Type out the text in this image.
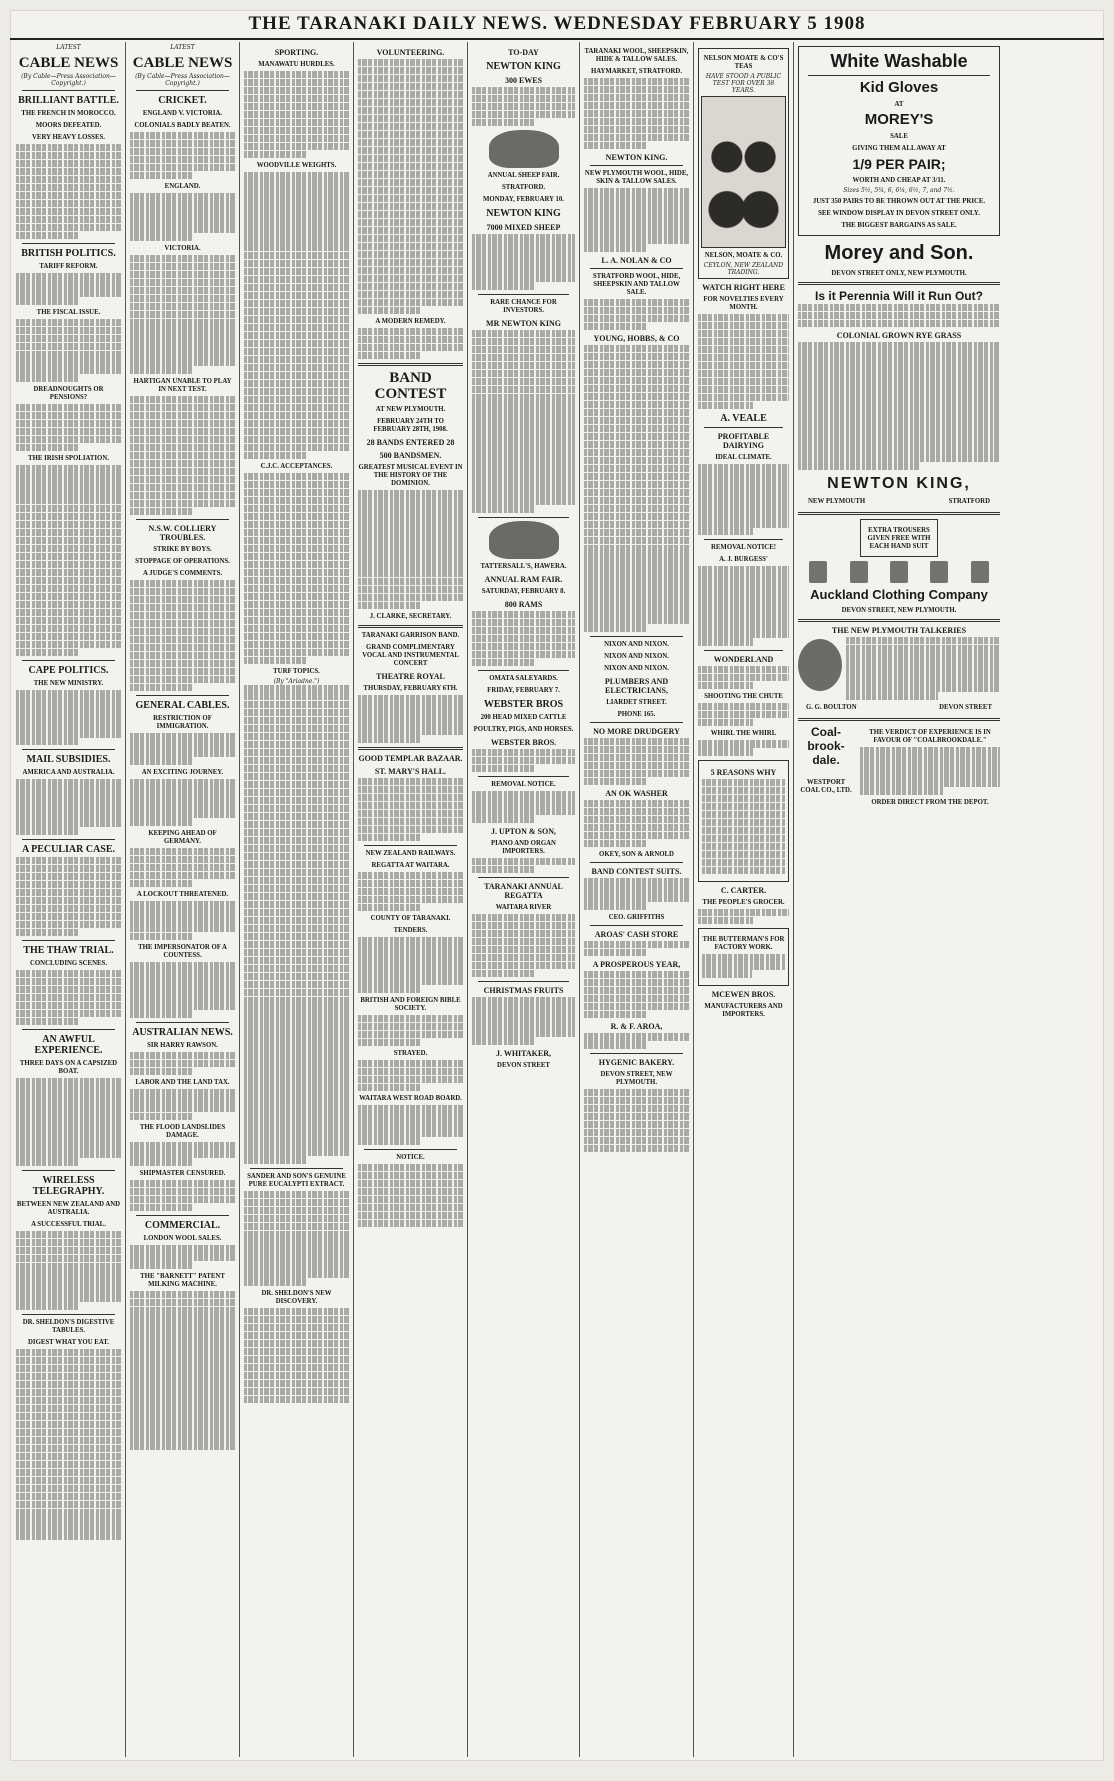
THE TARANAKI DAILY NEWS. WEDNESDAY FEBRUARY 5 1908
LATEST
CABLE NEWS
(By Cable—Press Association—Copyright.)
BRILLIANT BATTLE.
THE FRENCH IN MOROCCO.
MOORS DEFEATED.
VERY HEAVY LOSSES.
BRITISH POLITICS.
TARIFF REFORM.
THE FISCAL ISSUE.
DREADNOUGHTS OR PENSIONS?
THE IRISH SPOLIATION.
CAPE POLITICS.
THE NEW MINISTRY.
MAIL SUBSIDIES.
AMERICA AND AUSTRALIA.
A PECULIAR CASE.
THE THAW TRIAL.
CONCLUDING SCENES.
AN AWFUL EXPERIENCE.
THREE DAYS ON A CAPSIZED BOAT.
WIRELESS TELEGRAPHY.
BETWEEN NEW ZEALAND AND AUSTRALIA.
A SUCCESSFUL TRIAL.
DR. SHELDON'S DIGESTIVE TABULES.
DIGEST WHAT YOU EAT.
LATEST
CABLE NEWS
(By Cable—Press Association—Copyright.)
CRICKET.
ENGLAND V. VICTORIA.
COLONIALS BADLY BEATEN.
ENGLAND.
VICTORIA.
HARTIGAN UNABLE TO PLAY IN NEXT TEST.
N.S.W. COLLIERY TROUBLES.
STRIKE BY BOYS.
STOPPAGE OF OPERATIONS.
A JUDGE'S COMMENTS.
GENERAL CABLES.
RESTRICTION OF IMMIGRATION.
AN EXCITING JOURNEY.
KEEPING AHEAD OF GERMANY.
A LOCKOUT THREATENED.
THE IMPERSONATOR OF A COUNTESS.
AUSTRALIAN NEWS.
SIR HARRY RAWSON.
LABOR AND THE LAND TAX.
THE FLOOD LANDSLIDES DAMAGE.
SHIPMASTER CENSURED.
COMMERCIAL.
LONDON WOOL SALES.
THE "BARNETT" PATENT MILKING MACHINE.
SPORTING.
MANAWATU HURDLES.
WOODVILLE WEIGHTS.
C.J.C. ACCEPTANCES.
TURF TOPICS.
(By "Ariadne.")
SANDER AND SON'S GENUINE PURE EUCALYPTI EXTRACT.
DR. SHELDON'S NEW DISCOVERY.
VOLUNTEERING.
A MODERN REMEDY.
BAND CONTEST
AT NEW PLYMOUTH.
FEBRUARY 24TH TO FEBRUARY 28TH, 1908.
28 BANDS ENTERED 28
500 BANDSMEN.
GREATEST MUSICAL EVENT IN THE HISTORY OF THE DOMINION.
J. CLARKE, SECRETARY.
TARANAKI GARRISON BAND.
GRAND COMPLIMENTARY VOCAL AND INSTRUMENTAL CONCERT
THEATRE ROYAL
THURSDAY, FEBRUARY 6TH.
GOOD TEMPLAR BAZAAR.
ST. MARY'S HALL.
NEW ZEALAND RAILWAYS.
REGATTA AT WAITARA.
COUNTY OF TARANAKI.
TENDERS.
BRITISH AND FOREIGN BIBLE SOCIETY.
STRAYED.
WAITARA WEST ROAD BOARD.
NOTICE.
TO-DAY
NEWTON KING
300 EWES
ANNUAL SHEEP FAIR.
STRATFORD.
MONDAY, FEBRUARY 10.
NEWTON KING
7000 MIXED SHEEP
RARE CHANCE FOR INVESTORS.
MR NEWTON KING
TATTERSALL'S, HAWERA.
ANNUAL RAM FAIR.
SATURDAY, FEBRUARY 8.
800 RAMS
OMATA SALEYARDS.
FRIDAY, FEBRUARY 7.
WEBSTER BROS
200 HEAD MIXED CATTLE
POULTRY, PIGS, AND HORSES.
WEBSTER BROS.
REMOVAL NOTICE.
J. UPTON & SON,
PIANO AND ORGAN IMPORTERS.
TARANAKI ANNUAL REGATTA
WAITARA RIVER
CHRISTMAS FRUITS
J. WHITAKER,
DEVON STREET
TARANAKI WOOL, SHEEPSKIN, HIDE & TALLOW SALES.
HAYMARKET, STRATFORD.
NEWTON KING.
NEW PLYMOUTH WOOL, HIDE, SKIN & TALLOW SALES.
L. A. NOLAN & CO
STRATFORD WOOL, HIDE, SHEEPSKIN AND TALLOW SALE.
YOUNG, HOBBS, & CO
NIXON AND NIXON.
NIXON AND NIXON.
NIXON AND NIXON.
PLUMBERS AND ELECTRICIANS,
LIARDET STREET.
PHONE 165.
NO MORE DRUDGERY
AN OK WASHER
OKEY, SON & ARNOLD
BAND CONTEST SUITS.
CEO. GRIFFITHS
AROAS' CASH STORE
A PROSPEROUS YEAR,
R. & F. AROA,
HYGENIC BAKERY.
DEVON STREET, NEW PLYMOUTH.
NELSON MOATE & CO'S TEAS
HAVE STOOD A PUBLIC TEST FOR OVER 38 YEARS.
NELSON, MOATE & CO.
CEYLON, NEW ZEALAND TRADING.
WATCH RIGHT HERE
FOR NOVELTIES EVERY MONTH.
A. VEALE
PROFITABLE DAIRYING
IDEAL CLIMATE.
REMOVAL NOTICE!
A. J. BURGESS'
WONDERLAND
SHOOTING THE CHUTE
WHIRL THE WHIRL
5 REASONS WHY
C. CARTER.
THE PEOPLE'S GROCER.
THE BUTTERMAN'S FOR FACTORY WORK.
MCEWEN BROS.
MANUFACTURERS AND IMPORTERS.
White Washable
Kid Gloves
AT
MOREY'S
SALE
GIVING THEM ALL AWAY AT
1/9 PER PAIR;
WORTH AND CHEAP AT 3/11.
Sizes 5½, 5¾, 6, 6¼, 6½, 7, and 7½.
JUST 350 PAIRS TO BE THROWN OUT AT THE PRICE.
SEE WINDOW DISPLAY IN DEVON STREET ONLY.
THE BIGGEST BARGAINS AS SALE.
Morey and Son.
DEVON STREET ONLY, NEW PLYMOUTH.
Is it Perennia Will it Run Out?
COLONIAL GROWN RYE GRASS
NEWTON KING,
NEW PLYMOUTH	STRATFORD
EXTRA TROUSERS GIVEN FREE WITH EACH HAND SUIT
Auckland Clothing Company
DEVON STREET, NEW PLYMOUTH.
THE NEW PLYMOUTH TALKERIES
G. G. BOULTON	DEVON STREET
Coal-brook-dale.
WESTPORT COAL CO., LTD.
THE VERDICT OF EXPERIENCE IS IN FAVOUR OF "COALBROOKDALE."
ORDER DIRECT FROM THE DEPOT.
